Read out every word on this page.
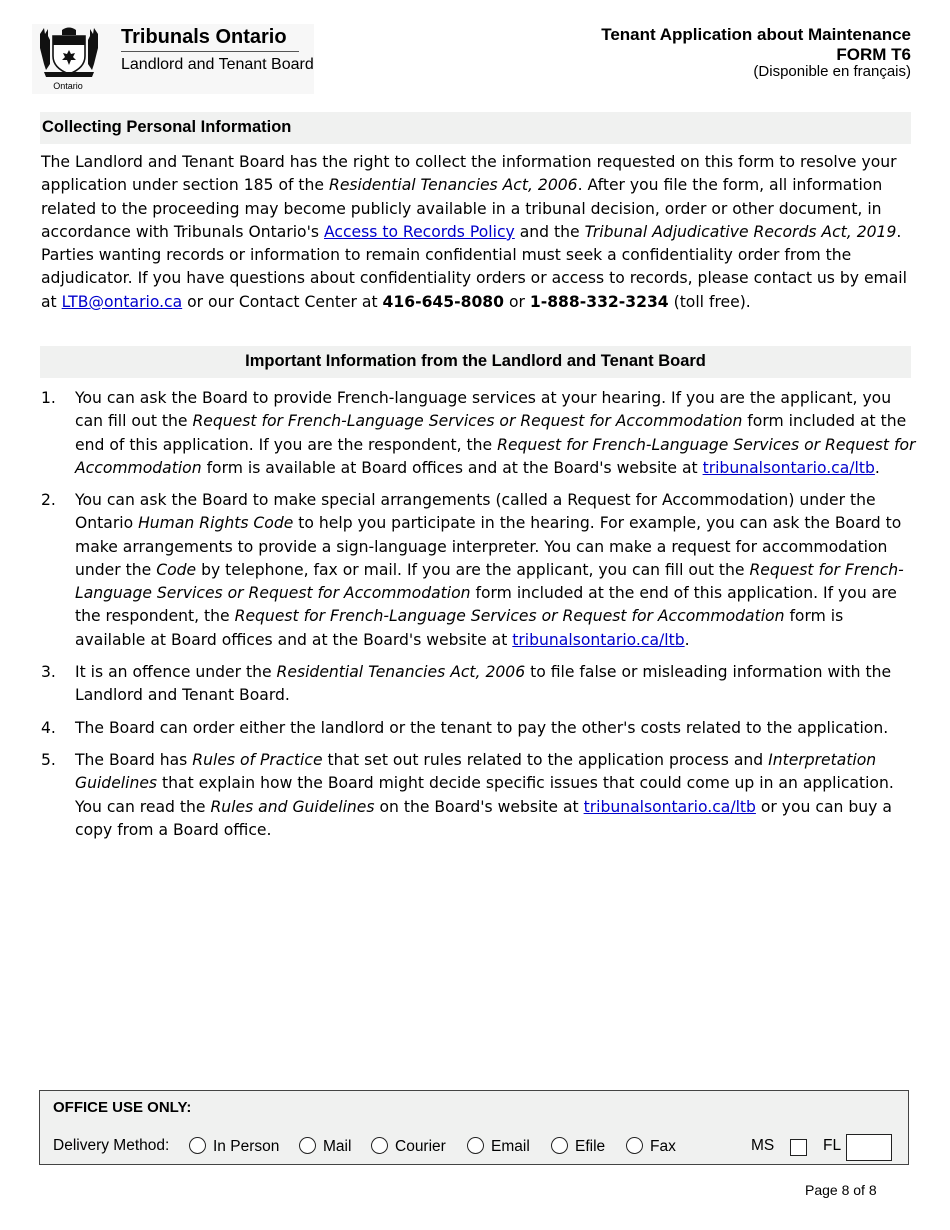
Ontario
Tribunals Ontario
Landlord and Tenant Board
Tenant Application about Maintenance
FORM T6
(Disponible en français)
Collecting Personal Information
The Landlord and Tenant Board has the right to collect the information requested on this form to resolve your application under section 185 of the Residential Tenancies Act, 2006. After you file the form, all information related to the proceeding may become publicly available in a tribunal decision, order or other document, in accordance with Tribunals Ontario's Access to Records Policy and the Tribunal Adjudicative Records Act, 2019. Parties wanting records or information to remain confidential must seek a confidentiality order from the adjudicator. If you have questions about confidentiality orders or access to records, please contact us by email at LTB@ontario.ca or our Contact Center at 416-645-8080 or 1-888-332-3234 (toll free).
Important Information from the Landlord and Tenant Board
1. You can ask the Board to provide French-language services at your hearing. If you are the applicant, you can fill out the Request for French-Language Services or Request for Accommodation form included at the end of this application. If you are the respondent, the Request for French-Language Services or Request for Accommodation form is available at Board offices and at the Board's website at tribunalsontario.ca/ltb.
2. You can ask the Board to make special arrangements (called a Request for Accommodation) under the Ontario Human Rights Code to help you participate in the hearing. For example, you can ask the Board to make arrangements to provide a sign-language interpreter. You can make a request for accommodation under the Code by telephone, fax or mail. If you are the applicant, you can fill out the Request for French-Language Services or Request for Accommodation form included at the end of this application. If you are the respondent, the Request for French-Language Services or Request for Accommodation form is available at Board offices and at the Board's website at tribunalsontario.ca/ltb.
3. It is an offence under the Residential Tenancies Act, 2006 to file false or misleading information with the Landlord and Tenant Board.
4. The Board can order either the landlord or the tenant to pay the other's costs related to the application.
5. The Board has Rules of Practice that set out rules related to the application process and Interpretation Guidelines that explain how the Board might decide specific issues that could come up in an application. You can read the Rules and Guidelines on the Board's website at tribunalsontario.ca/ltb or you can buy a copy from a Board office.
OFFICE USE ONLY:
Delivery Method:	In Person	Mail	Courier	Email	Efile	Fax	MS	FL
Page 8 of 8
